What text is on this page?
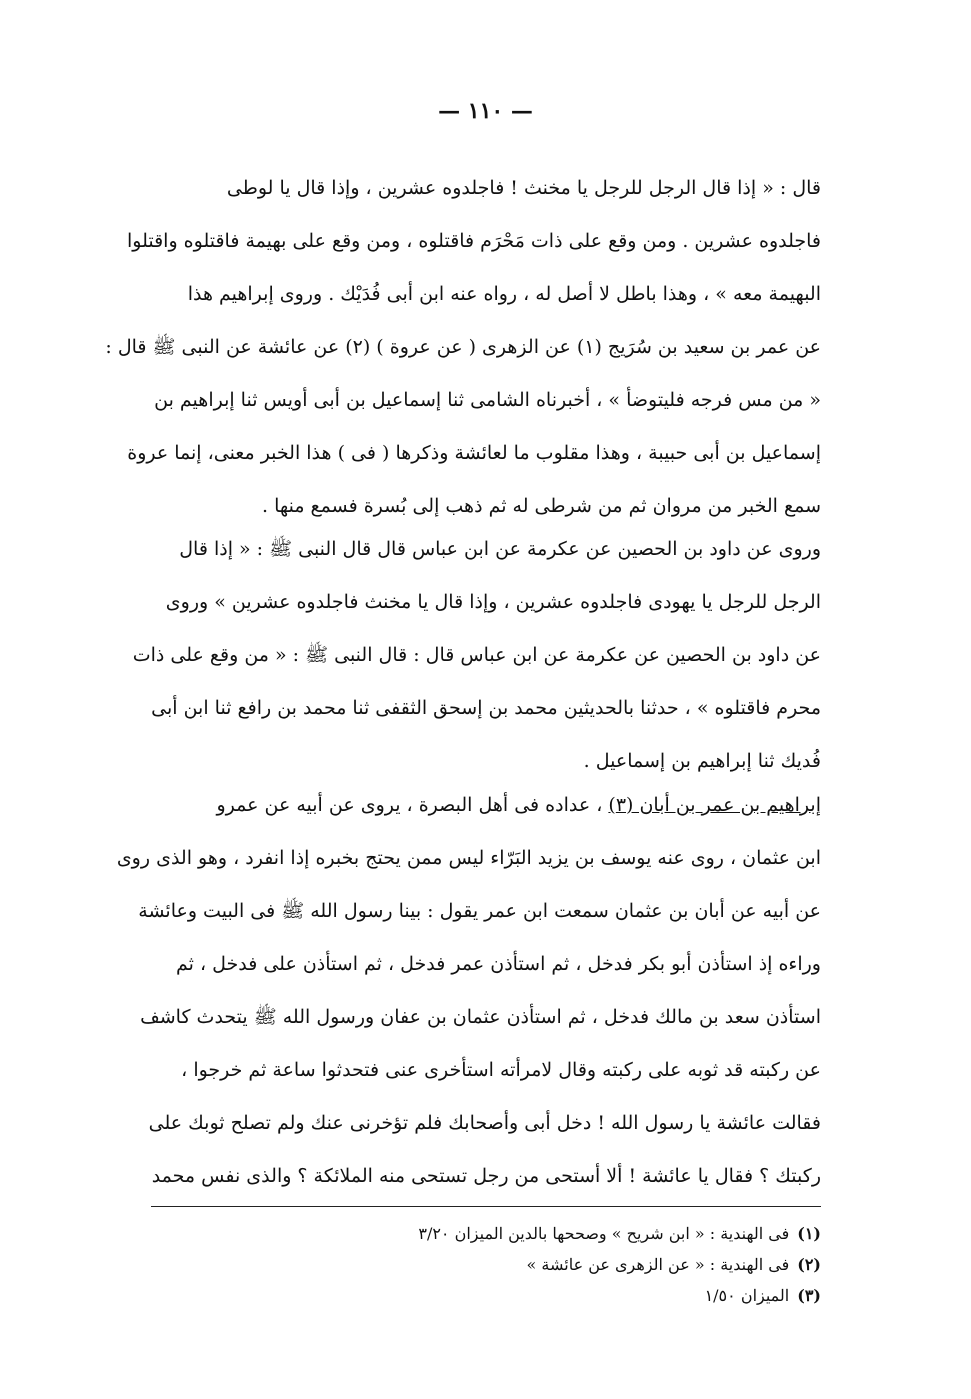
— ١١٠ —
قال : « إذا قال الرجل للرجل يا مخنث ! فاجلدوه عشرين ، وإذا قال يا لوطى
فاجلدوه عشرين . ومن وقع على ذات مَحْرَم فاقتلوه ، ومن وقع على بهيمة فاقتلوه واقتلوا
البهيمة معه » ، وهذا باطل لا أصل له ، رواه عنه ابن أبى فُدَيْك . وروى إبراهيم هذا
عن عمر بن سعيد بن سُرَيج (١) عن الزهرى ( عن عروة ) (٢) عن عائشة عن النبى ﷺ قال :
« من مس فرجه فليتوضأ » ، أخبرناه الشامى ثنا إسماعيل بن أبى أويس ثنا إبراهيم بن
إسماعيل بن أبى حبيبة ، وهذا مقلوب ما لعائشة وذكرها ( فى ) هذا الخبر معنى، إنما عروة
سمع الخبر من مروان ثم من شرطى له ثم ذهب إلى بُسرة فسمع منها .
وروى عن داود بن الحصين عن عكرمة عن ابن عباس قال قال النبى ﷺ : « إذا قال
الرجل للرجل يا يهودى فاجلدوه عشرين ، وإذا قال يا مخنث فاجلدوه عشرين » وروى
عن داود بن الحصين عن عكرمة عن ابن عباس قال : قال النبى ﷺ : « من وقع على ذات
محرم فاقتلوه » ، حدثنا بالحديثين محمد بن إسحق الثقفى ثنا محمد بن رافع ثنا ابن أبى
فُديك ثنا إبراهيم بن إسماعيل .
إبراهيم بن عمر بن أبان (٣) ، عداده فى أهل البصرة ، يروى عن أبيه عن عمرو
ابن عثمان ، روى عنه يوسف بن يزيد البَرّاء ليس ممن يحتج بخبره إذا انفرد ، وهو الذى روى
عن أبيه عن أبان بن عثمان سمعت ابن عمر يقول : بينا رسول الله ﷺ فى البيت وعائشة
وراءه إذ استأذن أبو بكر فدخل ، ثم استأذن عمر فدخل ، ثم استأذن على فدخل ، ثم
استأذن سعد بن مالك فدخل ، ثم استأذن عثمان بن عفان ورسول الله ﷺ يتحدث كاشف
عن ركبته قد ثوبه على ركبته وقال لامرأته استأخرى عنى فتحدثوا ساعة ثم خرجوا ،
فقالت عائشة يا رسول الله ! دخل أبى وأصحابك فلم تؤخرنى عنك ولم تصلح ثوبك على
ركبتك ؟ فقال يا عائشة ! ألا أستحى من رجل تستحى منه الملائكة ؟ والذى نفس محمد
(١)فى الهندية : « ابن شريح » وصححها بالدين الميزان ٣/٢٠
(٢)فى الهندية : « عن الزهرى عن عائشة »
(٣)الميزان ١/٥٠
